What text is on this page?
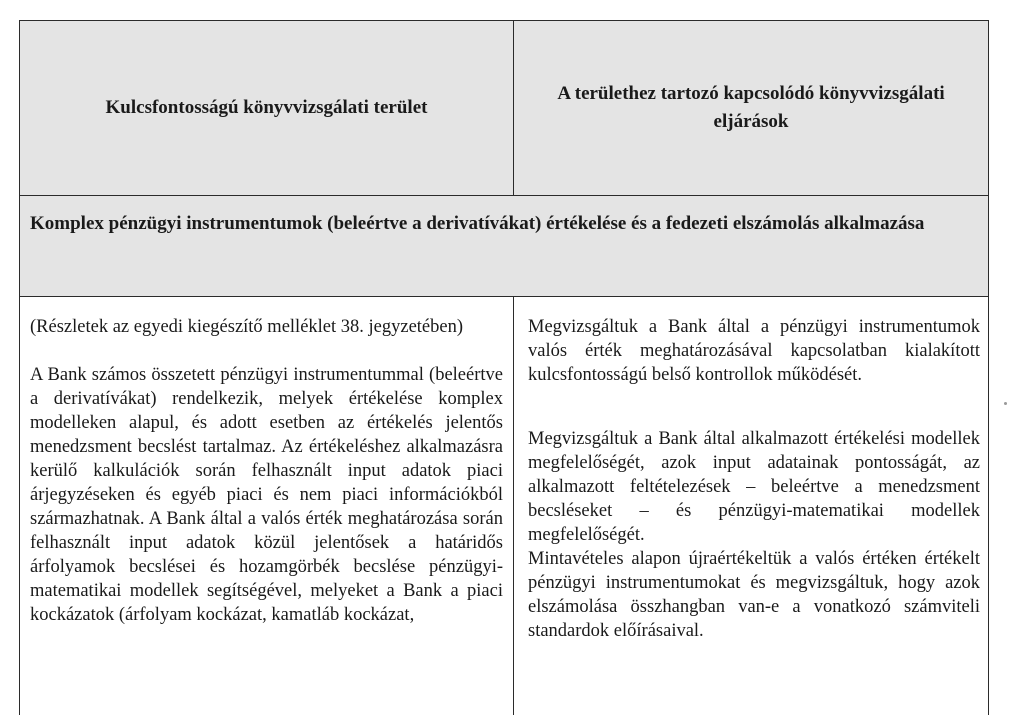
Kulcsfontosságú könyvvizsgálati terület
A területhez tartozó kapcsolódó könyvvizsgálati eljárások
Komplex pénzügyi instrumentumok (beleértve a derivatívákat) értékelése és a fedezeti elszámolás alkalmazása

(Részletek az egyedi kiegészítő melléklet 38. jegyzetében)

A Bank számos összetett pénzügyi instrumentummal (beleértve a derivatívákat) rendelkezik, melyek értékelése komplex modelleken alapul, és adott esetben az értékelés jelentős menedzsment becslést tartalmaz. Az értékeléshez alkalmazásra kerülő kalkulációk során felhasznált input adatok piaci árjegyzéseken és egyéb piaci és nem piaci információkból származhatnak. A Bank által a valós érték meghatározása során felhasznált input adatok közül jelentősek a határidős árfolyamok becslései és hozamgörbék becslése pénzügyi-matematikai modellek segítségével, melyeket a Bank a piaci kockázatok (árfolyam kockázat, kamatláb kockázat,

Megvizsgáltuk a Bank által a pénzügyi instrumentumok valós érték meghatározásával kapcsolatban kialakított kulcsfontosságú belső kontrollok működését.

Megvizsgáltuk a Bank által alkalmazott értékelési modellek megfelelőségét, azok input adatainak pontosságát, az alkalmazott feltételezések – beleértve a menedzsment becsléseket – és pénzügyi-matematikai modellek megfelelőségét.

Mintavételes alapon újraértékeltük a valós értéken értékelt pénzügyi instrumentumokat és megvizsgáltuk, hogy azok elszámolása összhangban van-e a vonatkozó számviteli standardok előírásaival.
